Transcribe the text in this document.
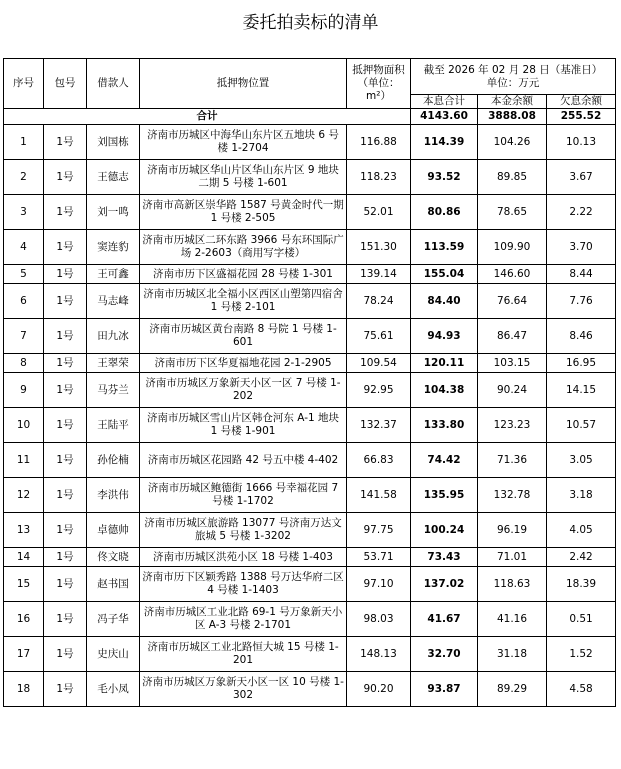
委托拍卖标的清单
序号	包号	借款人	抵押物位置	抵押物面积（单位：m²）	截至 2026 年 02 月 28 日（基准日）
单位：万元		

					本息合计	本金余额	欠息余额
合计					4143.60	3888.08	255.52
1	1号	刘国栋	济南市历城区中海华山东片区五地块 6 号楼 1-2704	116.88	114.39	104.26	10.13
2	1号	王德志	济南市历城区华山片区华山东片区 9 地块二期 5 号楼 1-601	118.23	93.52	89.85	3.67
3	1号	刘一鸣	济南市高新区崇华路 1587 号黄金时代一期 1 号楼 2-505	52.01	80.86	78.65	2.22
4	1号	窦连豹	济南市历城区二环东路 3966 号东环国际广场 2-2603（商用写字楼）	151.30	113.59	109.90	3.70
5	1号	王可鑫	济南市历下区盛福花园 28 号楼 1-301	139.14	155.04	146.60	8.44
6	1号	马志峰	济南市历城区北全福小区西区山塑第四宿舍 1 号楼 2-101	78.24	84.40	76.64	7.76
7	1号	田九冰	济南市历城区黄台南路 8 号院 1 号楼 1-601	75.61	94.93	86.47	8.46
8	1号	王翠荣	济南市历下区华夏福地花园 2-1-2905	109.54	120.11	103.15	16.95
9	1号	马芬兰	济南市历城区万象新天小区一区 7 号楼 1-202	92.95	104.38	90.24	14.15
10	1号	王陆平	济南市历城区雪山片区韩仓河东 A-1 地块 1 号楼 1-901	132.37	133.80	123.23	10.57
11	1号	孙伦楠	济南市历城区花园路 42 号五中楼 4-402	66.83	74.42	71.36	3.05
12	1号	李洪伟	济南市历城区鲍德街 1666 号幸福花园 7 号楼 1-1702	141.58	135.95	132.78	3.18
13	1号	卓德帅	济南市历城区旅游路 13077 号济南万达文旅城 5 号楼 1-3202	97.75	100.24	96.19	4.05
14	1号	佟文晓	济南市历城区洪苑小区 18 号楼 1-403	53.71	73.43	71.01	2.42
15	1号	赵书国	济南市历下区颖秀路 1388 号万达华府二区 4 号楼 1-1403	97.10	137.02	118.63	18.39
16	1号	冯子华	济南市历城区工业北路 69-1 号万象新天小区 A-3 号楼 2-1701	98.03	41.67	41.16	0.51
17	1号	史庆山	济南市历城区工业北路恒大城 15 号楼 1-201	148.13	32.70	31.18	1.52
18	1号	毛小凤	济南市历城区万象新天小区一区 10 号楼 1-302	90.20	93.87	89.29	4.58
